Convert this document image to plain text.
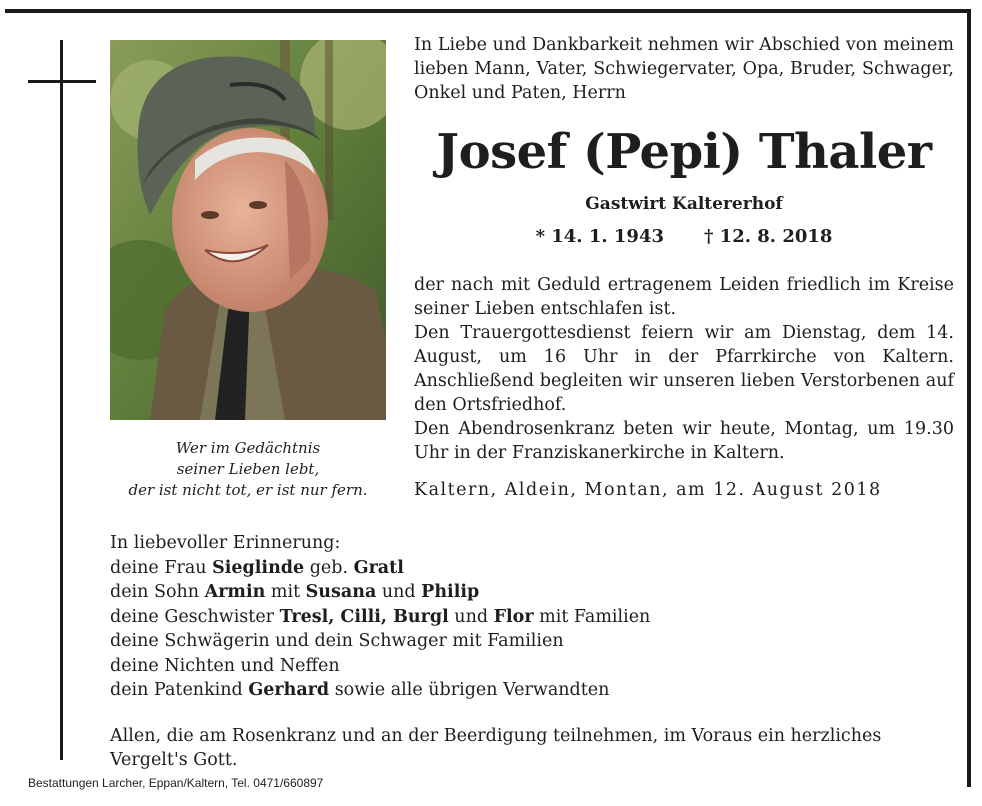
Wer im Gedächtnis
seiner Lieben lebt,
der ist nicht tot, er ist nur fern.
In Liebe und Dankbarkeit nehmen wir Abschied von meinem lieben Mann, Vater, Schwiegervater, Opa, Bruder, Schwager, Onkel und Paten, Herrn
Josef (Pepi) Thaler
Gastwirt Kaltererhof
* 14. 1. 1943 † 12. 8. 2018
der nach mit Geduld ertragenem Leiden friedlich im Kreise seiner Lieben entschlafen ist.
Den Trauergottesdienst feiern wir am Dienstag, dem 14. August, um 16 Uhr in der Pfarrkirche von Kaltern. Anschließend begleiten wir unseren lieben Verstorbenen auf den Ortsfriedhof.
Den Abendrosenkranz beten wir heute, Montag, um 19.30 Uhr in der Franziskanerkirche in Kaltern.
Kaltern, Aldein, Montan, am 12. August 2018
In liebevoller Erinnerung:
deine Frau Sieglinde geb. Gratl
dein Sohn Armin mit Susana und Philip
deine Geschwister Tresl, Cilli, Burgl und Flor mit Familien
deine Schwägerin und dein Schwager mit Familien
deine Nichten und Neffen
dein Patenkind Gerhard sowie alle übrigen Verwandten
Allen, die am Rosenkranz und an der Beerdigung teilnehmen, im Voraus ein herzliches Vergelt's Gott.
Bestattungen Larcher, Eppan/Kaltern, Tel. 0471/660897
